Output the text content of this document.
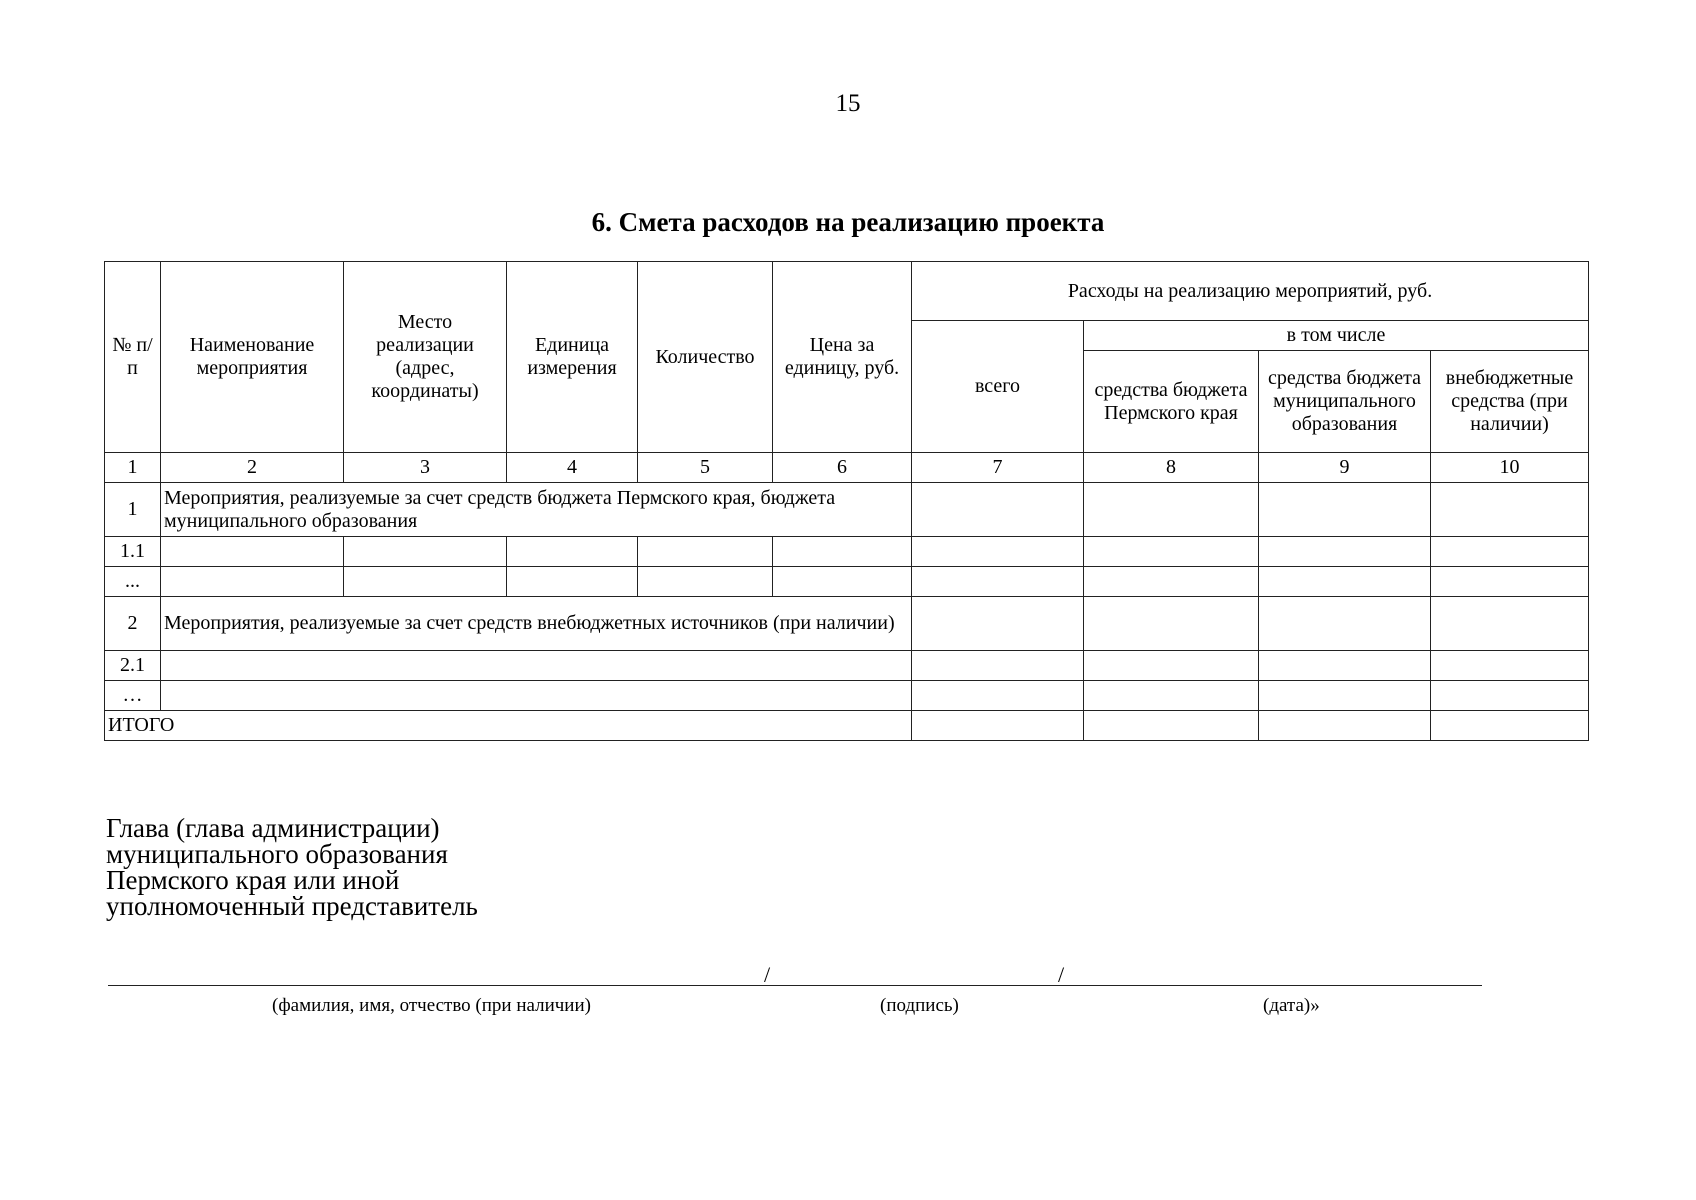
15
6. Смета расходов на реализацию проекта
№ п/п	Наименование мероприятия	Место реализации (адрес, координаты)	Единица измерения	Количество	Цена за единицу, руб.	Расходы на реализацию мероприятий, руб.			
						всего	в том числе		
							средства бюджета Пермского края	средства бюджета муниципального образования	внебюджетные средства (при наличии)
1	2	3	4	5	6	7	8	9	10
1	Мероприятия, реализуемые за счет средств бюджета Пермского края, бюджета муниципального образования								
1.1									
...									
2	Мероприятия, реализуемые за счет средств внебюджетных источников (при наличии)								
2.1									
…									
ИТОГО									
Глава (глава администрации)
муниципального образования
Пермского края или иной
уполномоченный представитель
/	/
(фамилия, имя, отчество (при наличии)	(подпись)	(дата)»
